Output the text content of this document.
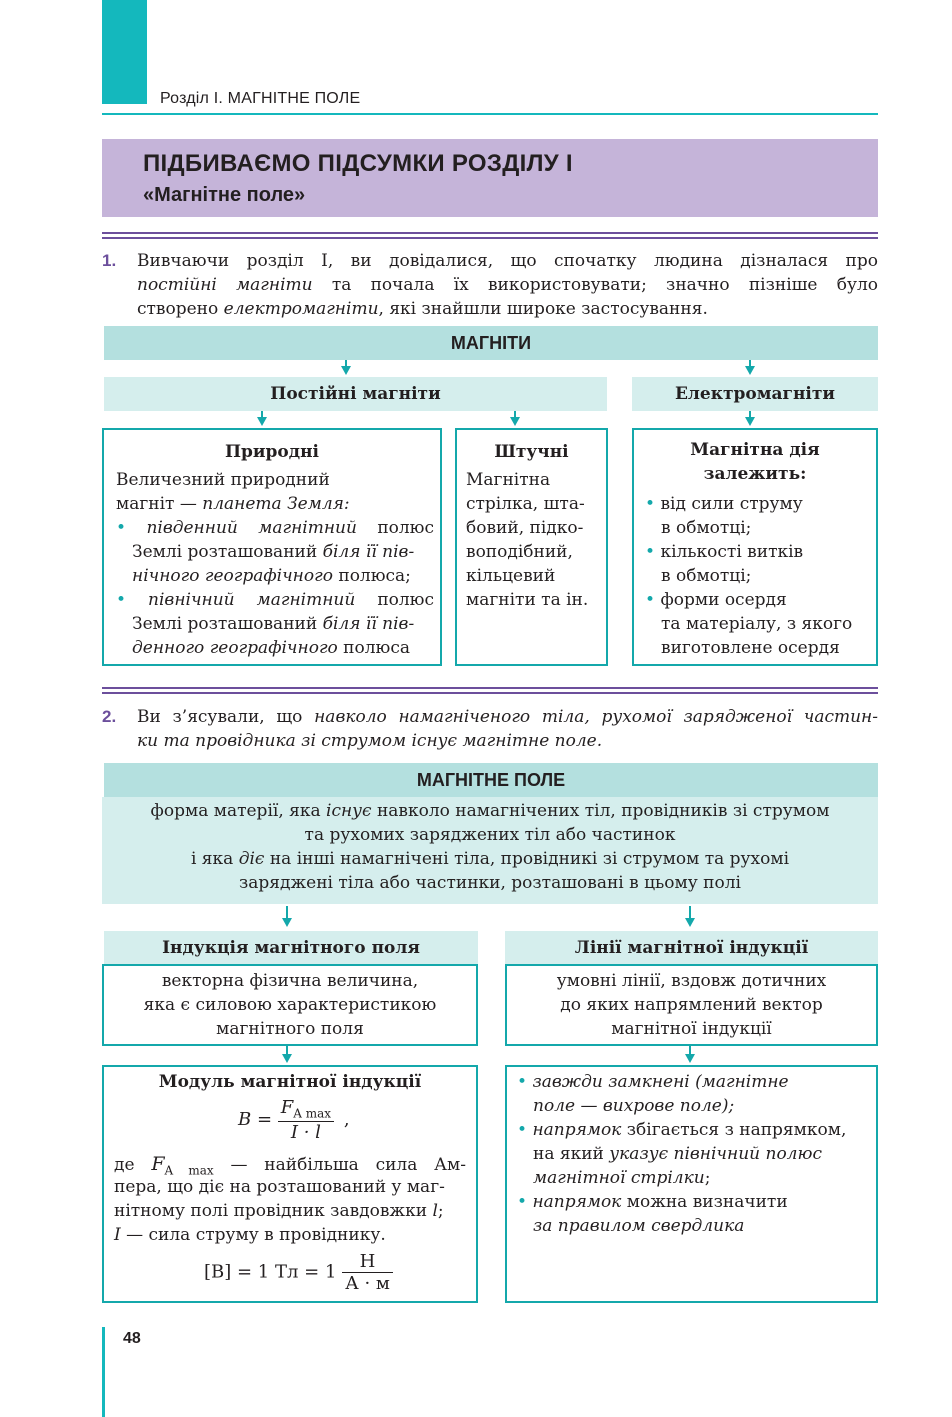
Розділ І. МАГНІТНЕ ПОЛЕ
ПІДБИВАЄМО ПІДСУМКИ РОЗДІЛУ І
«Магнітне поле»
1. Вивчаючи розділ І, ви довідалися, що спочатку людина дізналася про
постійні магніти та почала їх використовувати; значно пізніше було
створено електромагніти, які знайшли широке застосування.
МАГНІТИ
Постійні магніти	Електромагніти
Природні
Величезний природний
магніт — планета Земля:
• південний магнітний полюс
Землі розташований біля її пів-
нічного географічного полюса;
• північний магнітний полюс
Землі розташований біля її пів-
денного географічного полюса
Штучні
Магнітна
стрілка, шта-
бовий, підко-
воподібний,
кільцевий
магніти та ін.
Магнітна дія
залежить:
• від сили струму
в обмотці;
• кількості витків
в обмотці;
• форми осердя
та матеріалу, з якого
виготовлене осердя
2. Ви з’ясували, що навколо намагніченого тіла, рухомої зарядженої частин-
ки та провідника зі струмом існує магнітне поле.
МАГНІТНЕ ПОЛЕ
форма матерії, яка існує навколо намагнічених тіл, провідників зі струмом
та рухомих заряджених тіл або частинок
і яка діє на інші намагнічені тіла, провідникі зі струмом та рухомі
заряджені тіла або частинки, розташовані в цьому полі
Індукція магнітного поля	Лінії магнітної індукції
векторна фізична величина,
яка є силовою характеристикою
магнітного поля
умовні лінії, вздовж дотичних
до яких напрямлений вектор
магнітної індукції
Модуль магнітної індукції
$B = \frac{F_{A max}}{I \cdot l}$ ,
де $F_{A max}$ — найбільша сила Ам-
пера, що діє на розташований у маг-
нітному полі провідник завдовжки l;
I — сила струму в провіднику.
[B] = 1 Тл = $1 \frac{Н}{А \cdot м}$
• завжди замкнені (магнітне
поле — вихрове поле);
• напрямок збігається з напрямком,
на який указує північний полюс
магнітної стрілки;
• напрямок можна визначити
за правилом свердлика
48
